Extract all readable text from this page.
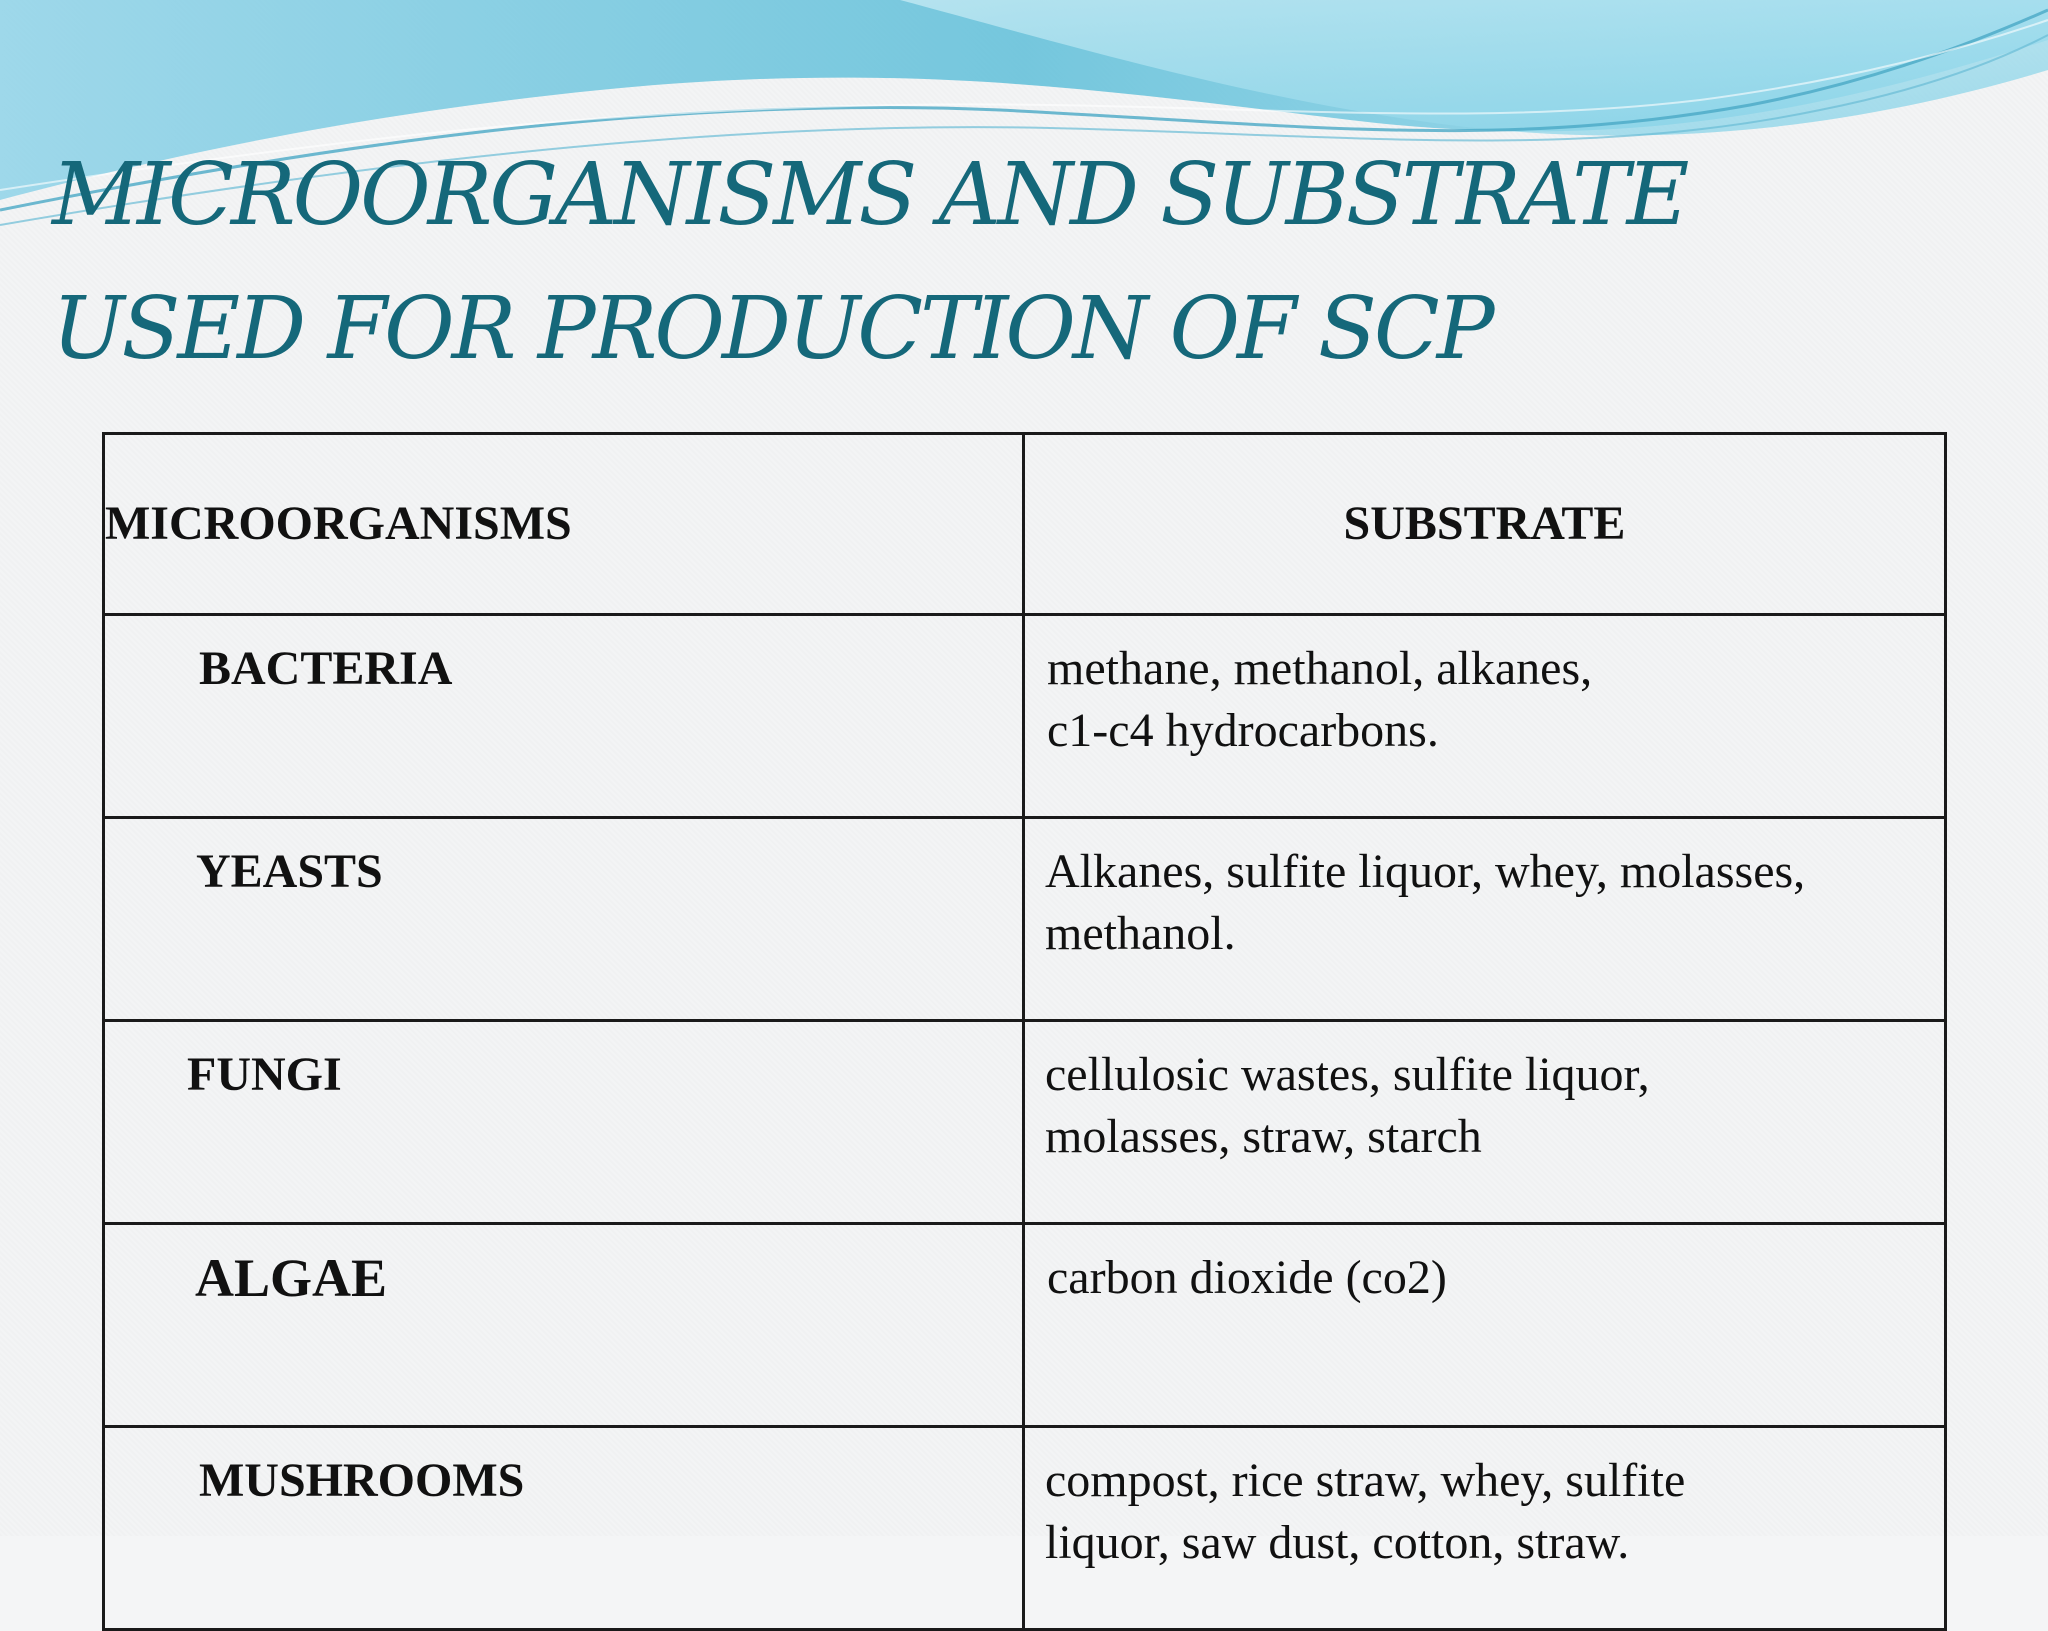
MICROORGANISMS AND SUBSTRATE
USED FOR PRODUCTION OF SCP
MICROORGANISMS	SUBSTRATE

BACTERIA	methane, methanol, alkanes,
c1-c4 hydrocarbons.

YEASTS	Alkanes, sulfite liquor, whey, molasses, methanol.

FUNGI	cellulosic wastes, sulfite liquor,
molasses, straw, starch

ALGAE	carbon dioxide (co2)

MUSHROOMS	compost, rice straw, whey, sulfite
liquor, saw dust, cotton, straw.
